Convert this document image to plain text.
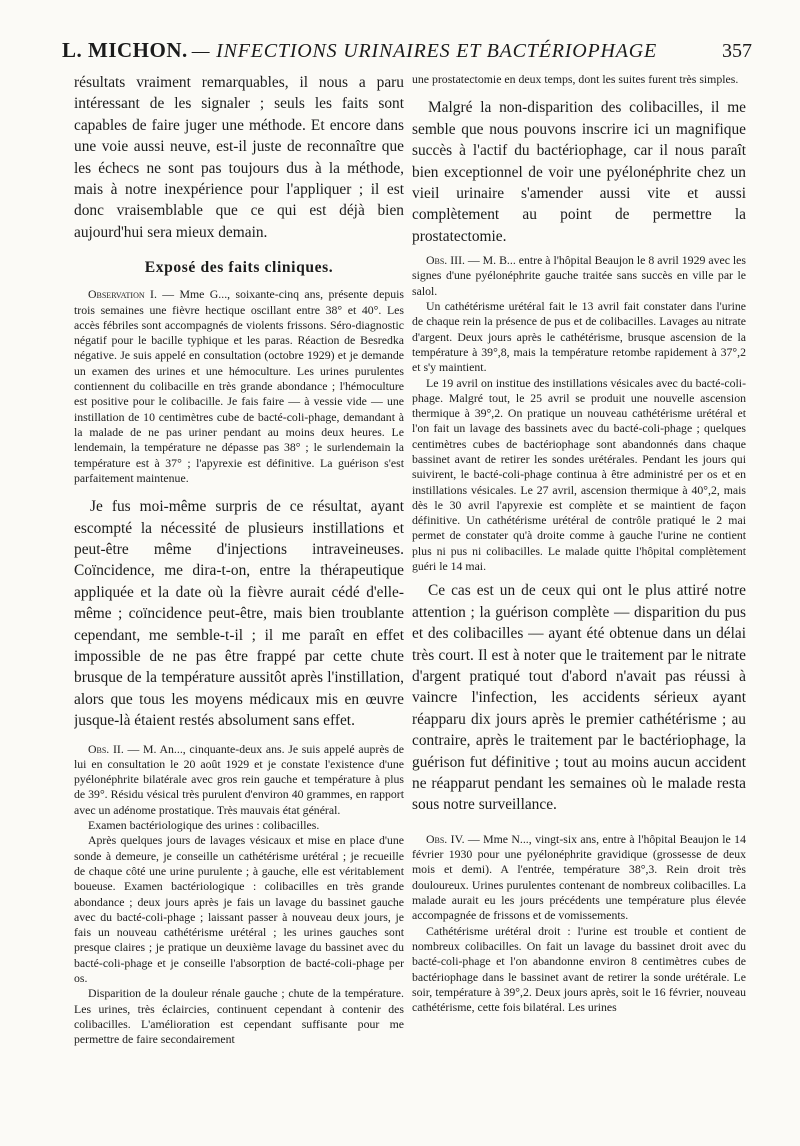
L. MICHON. — INFECTIONS URINAIRES ET BACTÉRIOPHAGE	357

résultats vraiment remarquables, il nous a paru intéressant de les signaler ; seuls les faits sont capables de faire juger une méthode. Et encore dans une voie aussi neuve, est-il juste de reconnaître que les échecs ne sont pas toujours dus à la méthode, mais à notre inexpérience pour l'appliquer ; il est donc vraisemblable que ce qui est déjà bien aujourd'hui sera mieux demain.

Exposé des faits cliniques.

Observation I. — Mme G..., soixante-cinq ans, présente depuis trois semaines une fièvre hectique oscillant entre 38° et 40°. Les accès fébriles sont accompagnés de violents frissons. Séro-diagnostic négatif pour le bacille typhique et les paras. Réaction de Besredka négative. Je suis appelé en consultation (octobre 1929) et je demande un examen des urines et une hémoculture. Les urines purulentes contiennent du colibacille en très grande abondance ; l'hémoculture est positive pour le colibacille. Je fais faire — à vessie vide — une instillation de 10 centimètres cube de bacté-coli-phage, demandant à la malade de ne pas uriner pendant au moins deux heures. Le lendemain, la température ne dépasse pas 38° ; le surlendemain la température est à 37° ; l'apyrexie est définitive. La guérison s'est parfaitement maintenue.

Je fus moi-même surpris de ce résultat, ayant escompté la nécessité de plusieurs instillations et peut-être même d'injections intraveineuses. Coïncidence, me dira-t-on, entre la thérapeutique appliquée et la date où la fièvre aurait cédé d'elle-même ; coïncidence peut-être, mais bien troublante cependant, me semble-t-il ; il me paraît en effet impossible de ne pas être frappé par cette chute brusque de la température aussitôt après l'instillation, alors que tous les moyens médicaux mis en œuvre jusque-là étaient restés absolument sans effet.

Obs. II. — M. An..., cinquante-deux ans. Je suis appelé auprès de lui en consultation le 20 août 1929 et je constate l'existence d'une pyélonéphrite bilatérale avec gros rein gauche et température à plus de 39°. Résidu vésical très purulent d'environ 40 grammes, en rapport avec un adénome prostatique. Très mauvais état général.

Examen bactériologique des urines : colibacilles.

Après quelques jours de lavages vésicaux et mise en place d'une sonde à demeure, je conseille un cathétérisme urétéral ; je recueille de chaque côté une urine purulente ; à gauche, elle est véritablement boueuse. Examen bactériologique : colibacilles en très grande abondance ; deux jours après je fais un lavage du bassinet gauche avec du bacté-coli-phage ; laissant passer à nouveau deux jours, je fais un nouveau cathétérisme urétéral ; les urines gauches sont presque claires ; je pratique un deuxième lavage du bassinet avec du bacté-coli-phage et je conseille l'absorption de bacté-coli-phage per os.

Disparition de la douleur rénale gauche ; chute de la température. Les urines, très éclaircies, continuent cependant à contenir des colibacilles. L'amélioration est cependant suffisante pour me permettre de faire secondairement

une prostatectomie en deux temps, dont les suites furent très simples.

Malgré la non-disparition des colibacilles, il me semble que nous pouvons inscrire ici un magnifique succès à l'actif du bactériophage, car il nous paraît bien exceptionnel de voir une pyélonéphrite chez un vieil urinaire s'amender aussi vite et aussi complètement au point de permettre la prostatectomie.

Obs. III. — M. B... entre à l'hôpital Beaujon le 8 avril 1929 avec les signes d'une pyélonéphrite gauche traitée sans succès en ville par le salol.

Un cathétérisme urétéral fait le 13 avril fait constater dans l'urine de chaque rein la présence de pus et de colibacilles. Lavages au nitrate d'argent. Deux jours après le cathétérisme, brusque ascension de la température à 39°,8, mais la température retombe rapidement à 37°,2 et s'y maintient.

Le 19 avril on institue des instillations vésicales avec du bacté-coli-phage. Malgré tout, le 25 avril se produit une nouvelle ascension thermique à 39°,2. On pratique un nouveau cathétérisme urétéral et l'on fait un lavage des bassinets avec du bacté-coli-phage ; quelques centimètres cubes de bactériophage sont abandonnés dans chaque bassinet avant de retirer les sondes urétérales. Pendant les jours qui suivirent, le bacté-coli-phage continua à être administré per os et en instillations vésicales. Le 27 avril, ascension thermique à 40°,2, mais dès le 30 avril l'apyrexie est complète et se maintient de façon définitive. Un cathétérisme urétéral de contrôle pratiqué le 2 mai permet de constater qu'à droite comme à gauche l'urine ne contient plus ni pus ni colibacilles. Le malade quitte l'hôpital complètement guéri le 14 mai.

Ce cas est un de ceux qui ont le plus attiré notre attention ; la guérison complète — disparition du pus et des colibacilles — ayant été obtenue dans un délai très court. Il est à noter que le traitement par le nitrate d'argent pratiqué tout d'abord n'avait pas réussi à vaincre l'infection, les accidents sérieux ayant réapparu dix jours après le premier cathétérisme ; au contraire, après le traitement par le bactériophage, la guérison fut définitive ; tout au moins aucun accident ne réapparut pendant les semaines où le malade resta sous notre surveillance.

Obs. IV. — Mme N..., vingt-six ans, entre à l'hôpital Beaujon le 14 février 1930 pour une pyélonéphrite gravidique (grossesse de deux mois et demi). A l'entrée, température 38°,3. Rein droit très douloureux. Urines purulentes contenant de nombreux colibacilles. La malade aurait eu les jours précédents une température plus élevée accompagnée de frissons et de vomissements.

Cathétérisme urétéral droit : l'urine est trouble et contient de nombreux colibacilles. On fait un lavage du bassinet droit avec du bacté-coli-phage et l'on abandonne environ 8 centimètres cubes de bactériophage dans le bassinet avant de retirer la sonde urétérale. Le soir, température à 39°,2. Deux jours après, soit le 16 février, nouveau cathétérisme, cette fois bilatéral. Les urines
